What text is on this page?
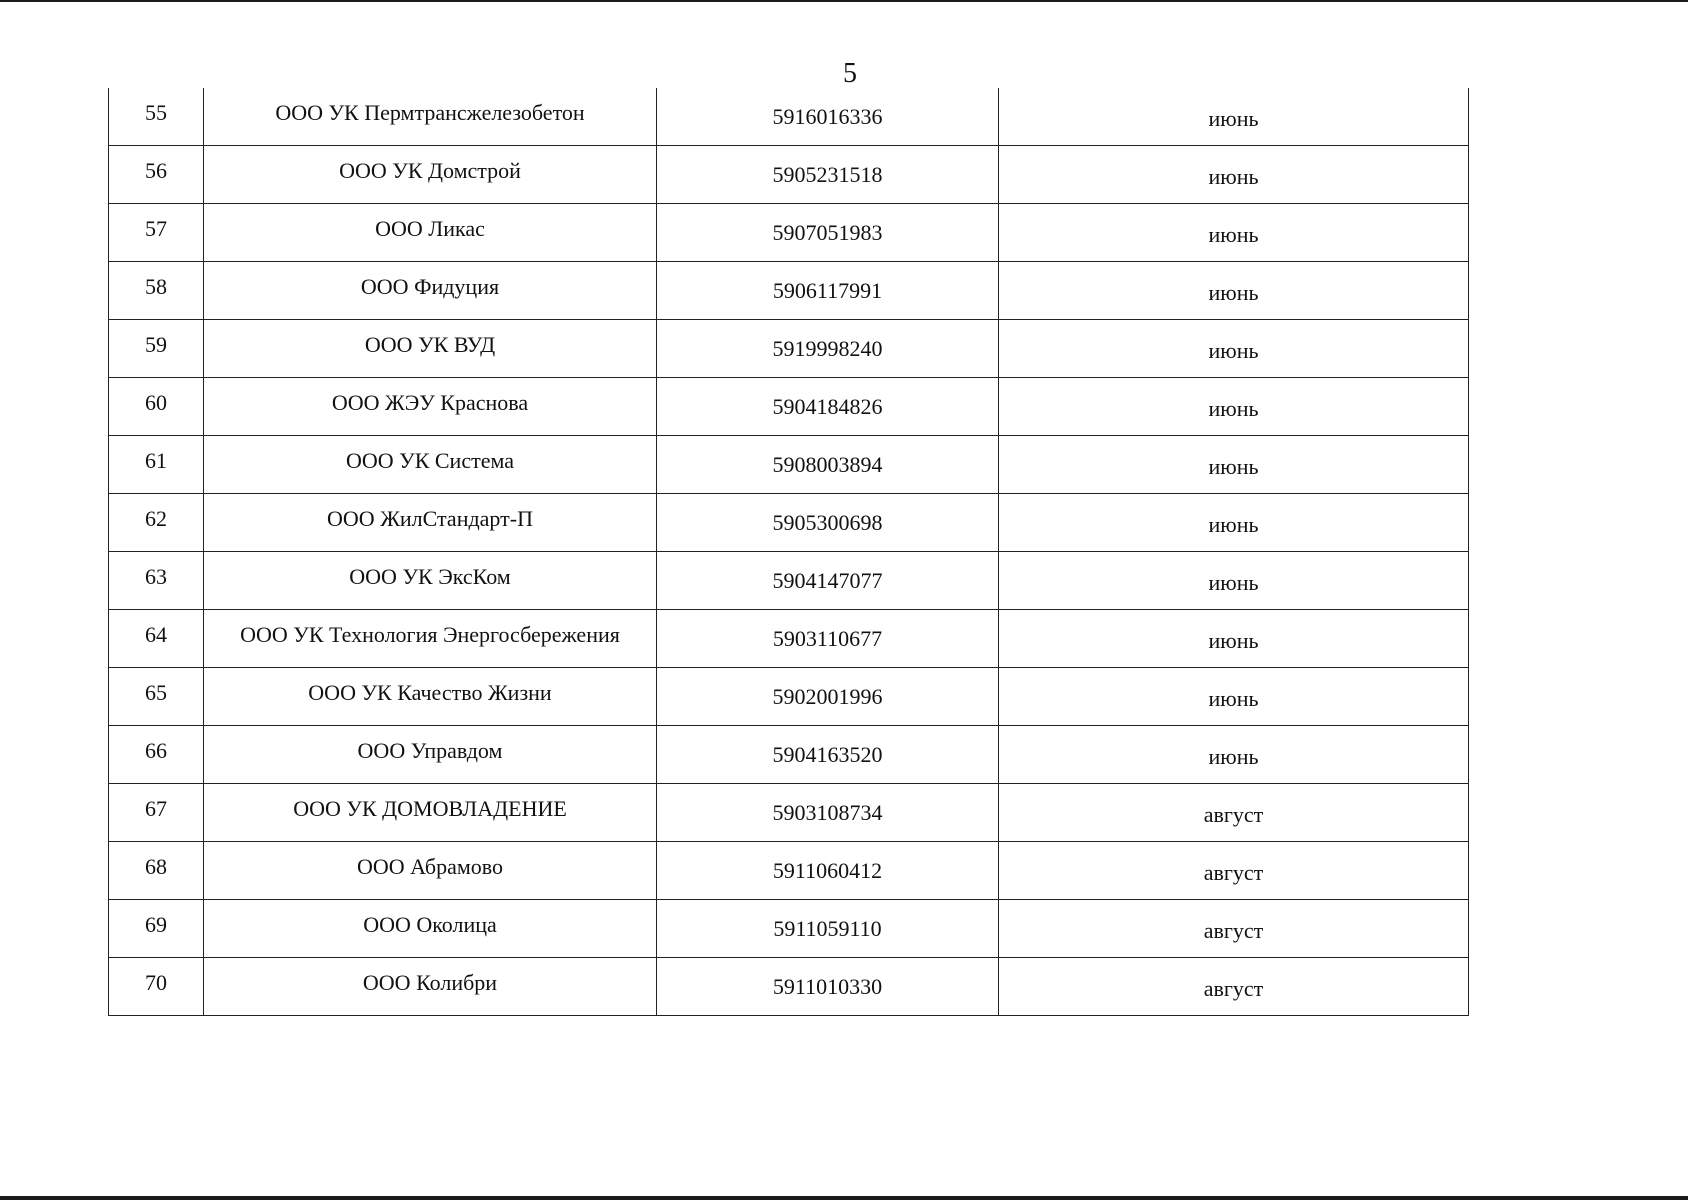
5
55	ООО УК Пермтрансжелезобетон	5916016336	июнь
56	ООО УК Домстрой	5905231518	июнь
57	ООО Ликас	5907051983	июнь
58	ООО Фидуция	5906117991	июнь
59	ООО УК ВУД	5919998240	июнь
60	ООО ЖЭУ Краснова	5904184826	июнь
61	ООО УК Система	5908003894	июнь
62	ООО ЖилСтандарт-П	5905300698	июнь
63	ООО УК ЭксКом	5904147077	июнь
64	ООО УК Технология Энергосбережения	5903110677	июнь
65	ООО УК Качество Жизни	5902001996	июнь
66	ООО Управдом	5904163520	июнь
67	ООО УК ДОМОВЛАДЕНИЕ	5903108734	август
68	ООО Абрамово	5911060412	август
69	ООО Околица	5911059110	август
70	ООО Колибри	5911010330	август
